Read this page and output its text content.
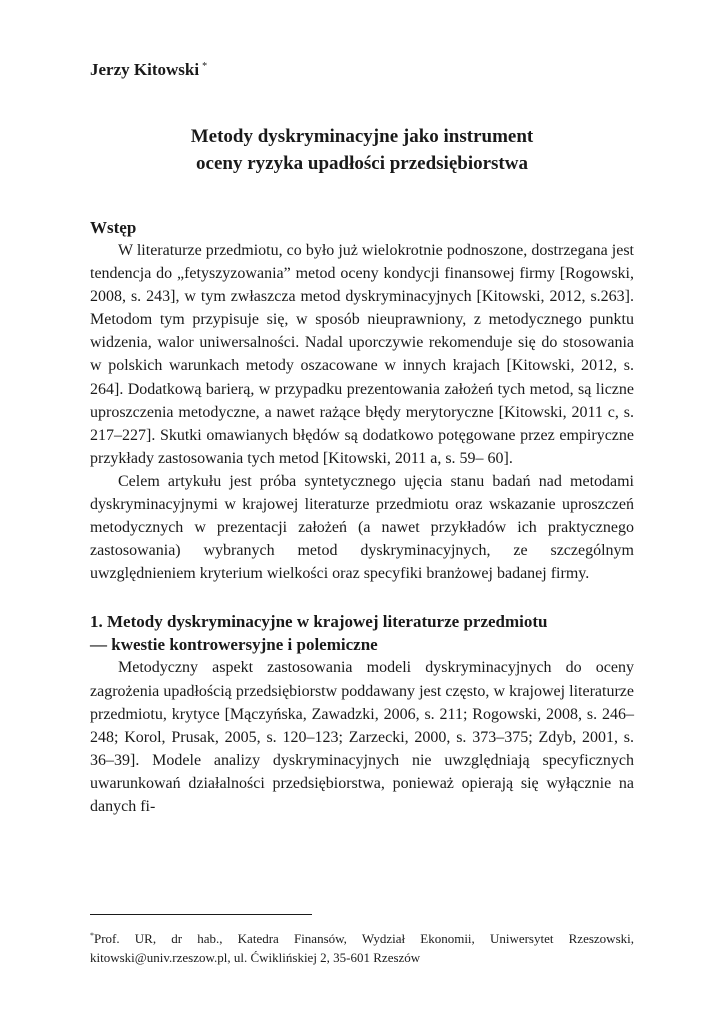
Jerzy Kitowski *

Metody dyskryminacyjne jako instrument
oceny ryzyka upadłości przedsiębiorstwa
Wstęp

W literaturze przedmiotu, co było już wielokrotnie podnoszone, dostrzegana jest tendencja do „fetyszyzowania” metod oceny kondycji finansowej firmy [Rogowski, 2008, s. 243], w tym zwłaszcza metod dyskryminacyjnych [Kitowski, 2012, s.263]. Metodom tym przypisuje się, w sposób nieuprawniony, z metodycznego punktu widzenia, walor uniwersalności. Nadal uporczywie rekomenduje się do stosowania w polskich warunkach metody oszacowane w innych krajach [Kitowski, 2012, s. 264]. Dodatkową barierą, w przypadku prezentowania założeń tych metod, są liczne uproszczenia metodyczne, a nawet rażące błędy merytoryczne [Kitowski, 2011 c, s. 217–227]. Skutki omawianych błędów są dodatkowo potęgowane przez empiryczne przykłady zastosowania tych metod [Kitowski, 2011 a, s. 59– 60].

Celem artykułu jest próba syntetycznego ujęcia stanu badań nad metodami dyskryminacyjnymi w krajowej literaturze przedmiotu oraz wskazanie uproszczeń metodycznych w prezentacji założeń (a nawet przykładów ich praktycznego zastosowania) wybranych metod dyskryminacyjnych, ze szczególnym uwzględnieniem kryterium wielkości oraz specyfiki branżowej badanej firmy.

1. Metody dyskryminacyjne w krajowej literaturze przedmiotu
— kwestie kontrowersyjne i polemiczne

Metodyczny aspekt zastosowania modeli dyskryminacyjnych do oceny zagrożenia upadłością przedsiębiorstw poddawany jest często, w krajowej literaturze przedmiotu, krytyce [Mączyńska, Zawadzki, 2006, s. 211; Rogowski, 2008, s. 246–248; Korol, Prusak, 2005, s. 120–123; Zarzecki, 2000, s. 373–375; Zdyb, 2001, s. 36–39]. Modele analizy dyskryminacyjnych nie uwzględniają specyficznych uwarunkowań działalności przedsiębiorstwa, ponieważ opierają się wyłącznie na danych fi-

*Prof. UR, dr hab., Katedra Finansów, Wydział Ekonomii, Uniwersytet Rzeszowski, kitowski@univ.rzeszow.pl, ul. Ćwiklińskiej 2, 35-601 Rzeszów
